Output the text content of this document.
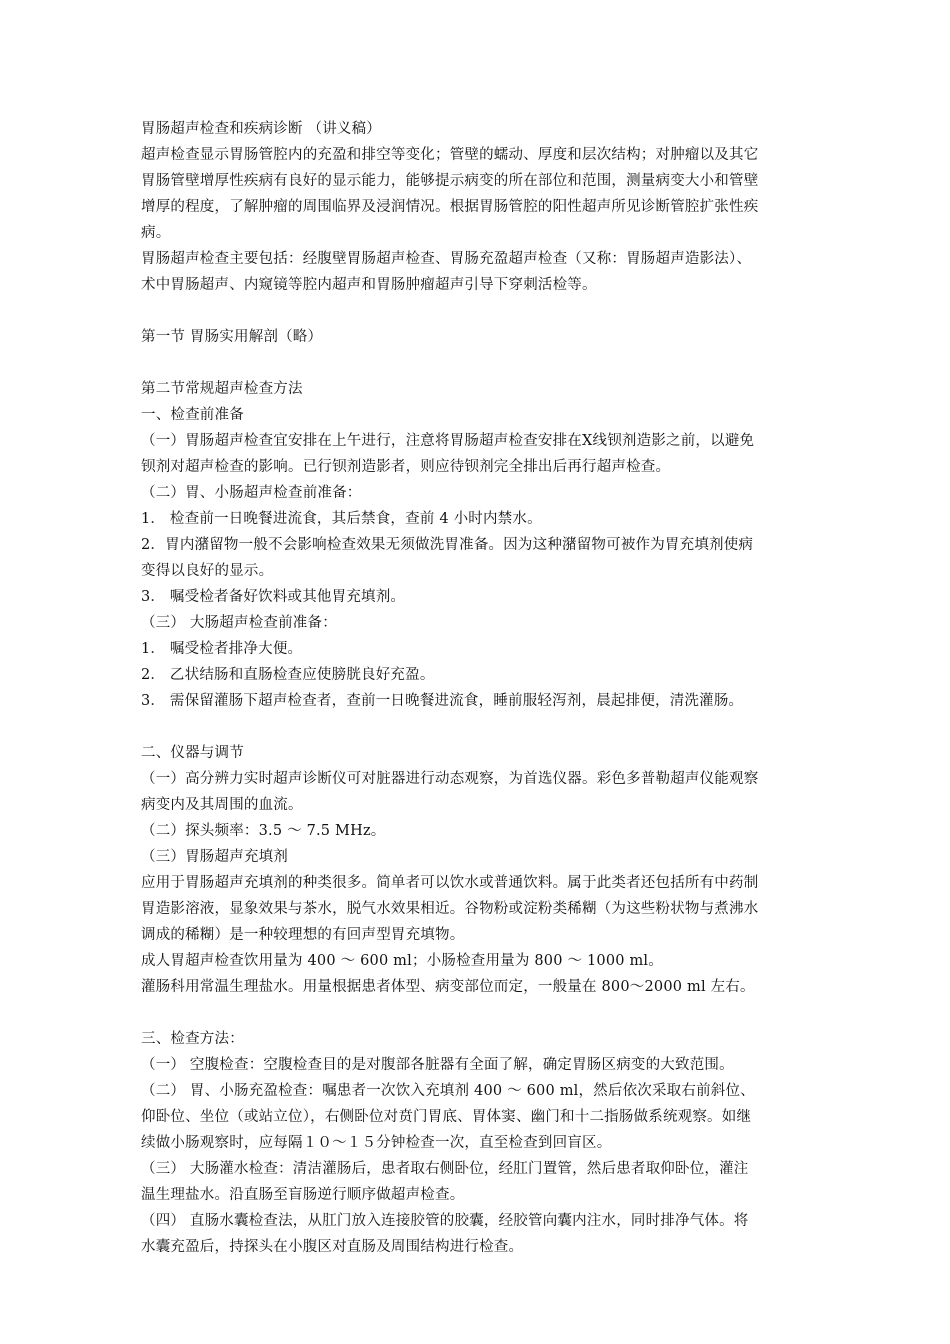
胃肠超声检查和疾病诊断 （讲义稿）
超声检查显示胃肠管腔内的充盈和排空等变化；管壁的蠕动、厚度和层次结构；对肿瘤以及其它
胃肠管壁增厚性疾病有良好的显示能力，能够提示病变的所在部位和范围，测量病变大小和管壁
增厚的程度，了解肿瘤的周围临界及浸润情况。根据胃肠管腔的阳性超声所见诊断管腔扩张性疾
病。
胃肠超声检查主要包括：经腹壁胃肠超声检查、胃肠充盈超声检查（又称：胃肠超声造影法）、
术中胃肠超声、内窥镜等腔内超声和胃肠肿瘤超声引导下穿刺活检等。
第一节 胃肠实用解剖（略）
第二节常规超声检查方法
一、检查前准备
（一）胃肠超声检查宜安排在上午进行，注意将胃肠超声检查安排在X线钡剂造影之前，以避免
钡剂对超声检查的影响。已行钡剂造影者，则应待钡剂完全排出后再行超声检查。
（二）胃、小肠超声检查前准备：
1． 检查前一日晚餐进流食，其后禁食，查前 4 小时内禁水。
2．胃内潴留物一般不会影响检查效果无须做洗胃准备。因为这种潴留物可被作为胃充填剂使病
变得以良好的显示。
3． 嘱受检者备好饮料或其他胃充填剂。
（三） 大肠超声检查前准备：
1． 嘱受检者排净大便。
2． 乙状结肠和直肠检查应使膀胱良好充盈。
3． 需保留灌肠下超声检查者，查前一日晚餐进流食，睡前服轻泻剂，晨起排便，清洗灌肠。
二、仪器与调节
（一）高分辨力实时超声诊断仪可对脏器进行动态观察，为首选仪器。彩色多普勒超声仪能观察
病变内及其周围的血流。
（二）探头频率：3.5 ～ 7.5 MHz。
（三）胃肠超声充填剂
应用于胃肠超声充填剂的种类很多。简单者可以饮水或普通饮料。属于此类者还包括所有中药制
胃造影溶液，显象效果与茶水，脱气水效果相近。谷物粉或淀粉类稀糊（为这些粉状物与煮沸水
调成的稀糊）是一种较理想的有回声型胃充填物。
成人胃超声检查饮用量为 400 ～ 600 ml；小肠检查用量为 800 ～ 1000 ml。
灌肠科用常温生理盐水。用量根据患者体型、病变部位而定，一般量在 800～2000 ml 左右。
三、检查方法：
（一） 空腹检查：空腹检查目的是对腹部各脏器有全面了解，确定胃肠区病变的大致范围。
（二） 胃、小肠充盈检查：嘱患者一次饮入充填剂 400 ～ 600 ml，然后依次采取右前斜位、
仰卧位、坐位（或站立位），右侧卧位对贲门胃底、胃体窦、幽门和十二指肠做系统观察。如继
续做小肠观察时，应每隔１０～１５分钟检查一次，直至检查到回盲区。
（三） 大肠灌水检查：清洁灌肠后，患者取右侧卧位，经肛门置管，然后患者取仰卧位，灌注
温生理盐水。沿直肠至盲肠逆行顺序做超声检查。
（四） 直肠水囊检查法，从肛门放入连接胶管的胶囊，经胶管向囊内注水，同时排净气体。将
水囊充盈后，持探头在小腹区对直肠及周围结构进行检查。
